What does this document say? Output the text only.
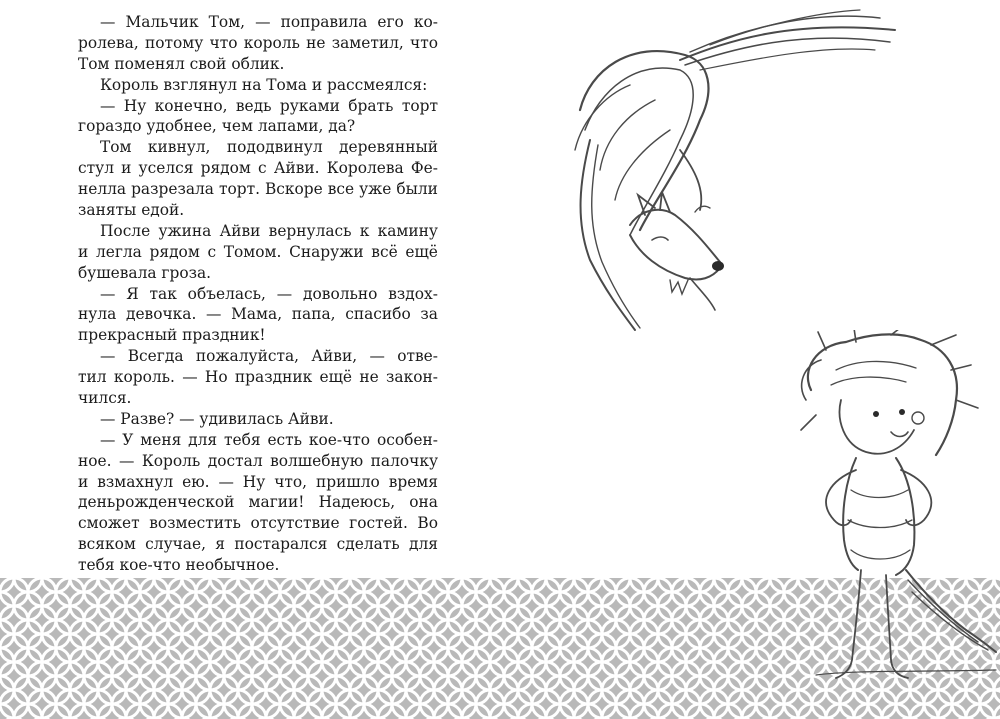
— Мальчик Том, — поправила его ко-
ролева, потому что король не заметил, что
Том поменял свой облик.
Король взглянул на Тома и рассмеялся:
— Ну конечно, ведь руками брать торт
гораздо удобнее, чем лапами, да?
Том кивнул, пододвинул деревянный
стул и уселся рядом с Айви. Королева Фе-
нелла разрезала торт. Вскоре все уже были
заняты едой.
После ужина Айви вернулась к камину
и легла рядом с Томом. Снаружи всё ещё
бушевала гроза.
— Я так объелась, — довольно вздох-
нула девочка. — Мама, папа, спасибо за
прекрасный праздник!
— Всегда пожалуйста, Айви, — отве-
тил король. — Но праздник ещё не закон-
чился.
— Разве? — удивилась Айви.
— У меня для тебя есть кое-что особен-
ное. — Король достал волшебную палочку
и взмахнул ею. — Ну что, пришло время
деньрожденческой магии! Надеюсь, она
сможет возместить отсутствие гостей. Во
всяком случае, я постарался сделать для
тебя кое-что необычное.
